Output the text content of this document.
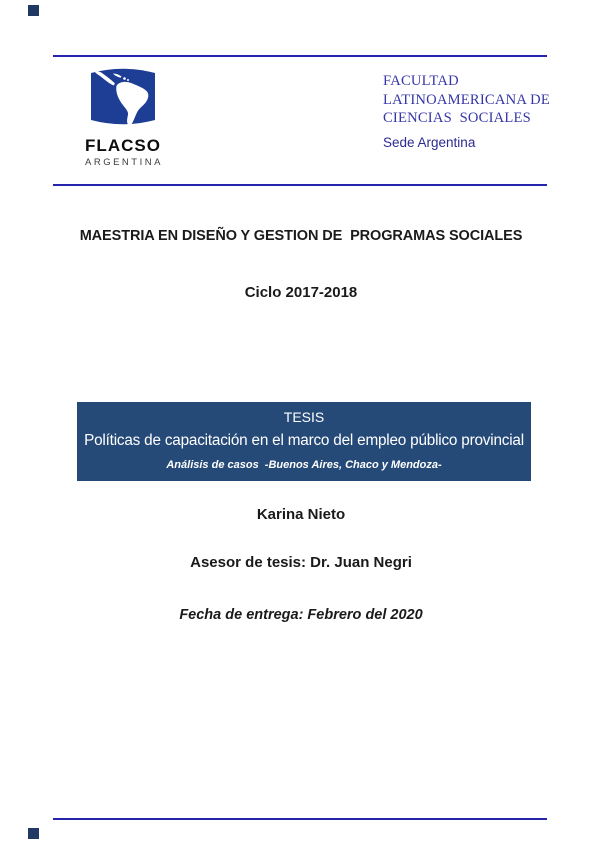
FLACSO
ARGENTINA
FACULTAD
LATINOAMERICANA DE
CIENCIAS  SOCIALES
Sede Argentina
MAESTRIA EN DISEÑO Y GESTION DE  PROGRAMAS SOCIALES
Ciclo 2017-2018
TESIS
Políticas de capacitación en el marco del empleo público provincial
Análisis de casos  -Buenos Aires, Chaco y Mendoza-
Karina Nieto
Asesor de tesis: Dr. Juan Negri
Fecha de entrega: Febrero del 2020
